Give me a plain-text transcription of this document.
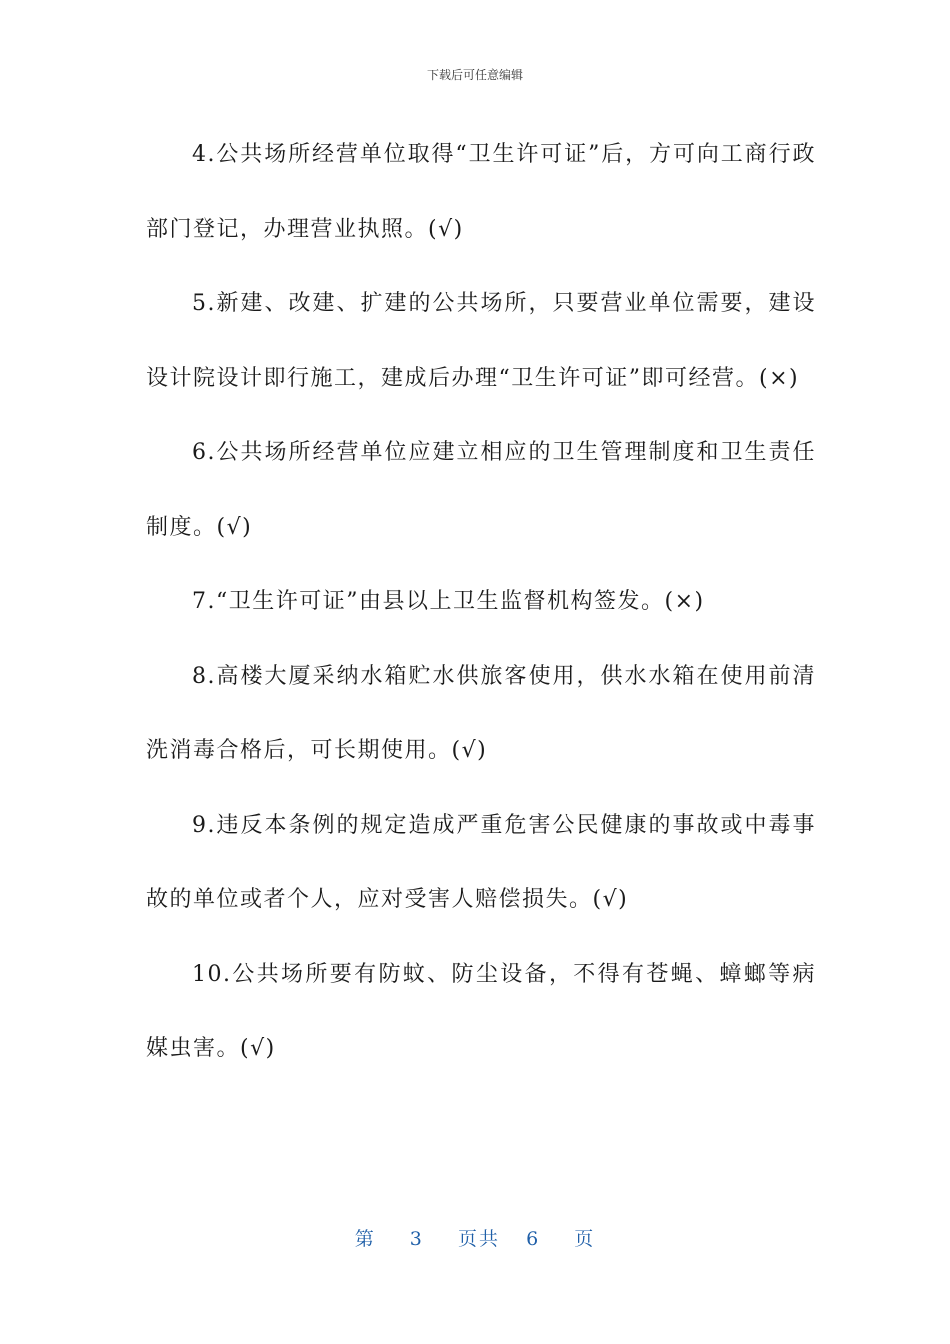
下载后可任意编辑

4.公共场所经营单位取得“卫生许可证”后，方可向工商行政部门登记，办理营业执照。(√)

5.新建、改建、扩建的公共场所，只要营业单位需要，建设设计院设计即行施工，建成后办理“卫生许可证”即可经营。(×)

6.公共场所经营单位应建立相应的卫生管理制度和卫生责任制度。(√)

7.“卫生许可证”由县以上卫生监督机构签发。(×)

8.高楼大厦采纳水箱贮水供旅客使用，供水水箱在使用前清洗消毒合格后，可长期使用。(√)

9.违反本条例的规定造成严重危害公民健康的事故或中毒事故的单位或者个人，应对受害人赔偿损失。(√)

10.公共场所要有防蚊、防尘设备，不得有苍蝇、蟑螂等病媒虫害。(√)

第 3 页共 6 页
